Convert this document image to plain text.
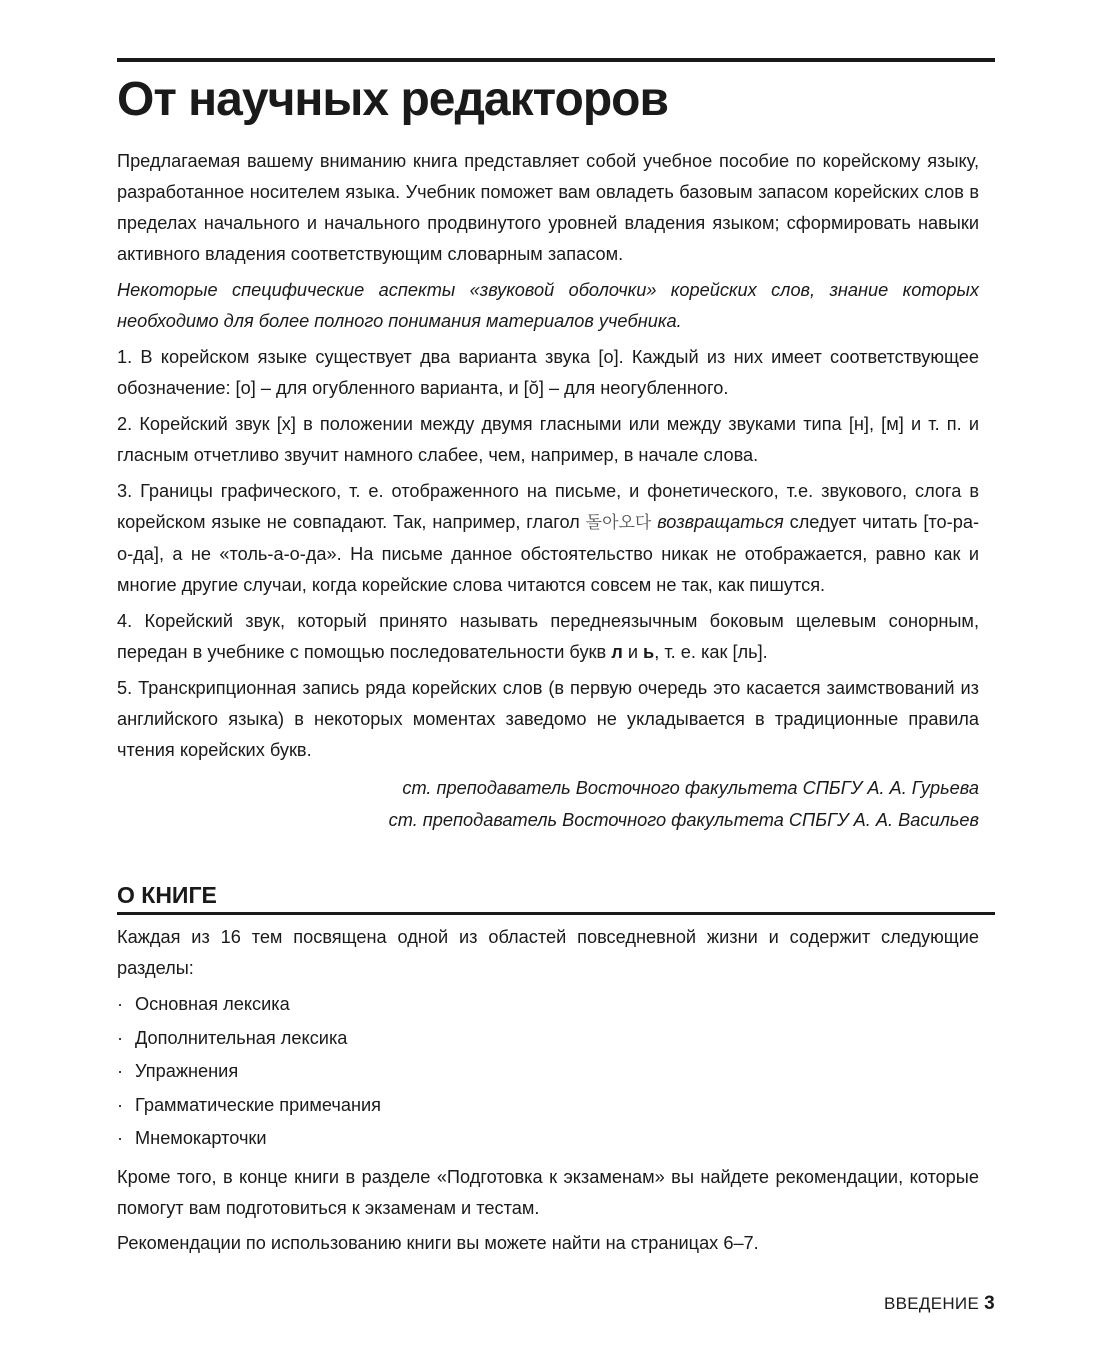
От научных редакторов

Предлагаемая вашему вниманию книга представляет собой учебное пособие по корейскому языку, разработанное носителем языка. Учебник поможет вам овладеть базовым запасом корейских слов в пределах начального и начального продвинутого уровней владения языком; сформировать навыки активного владения соответствующим словарным запасом.

Некоторые специфические аспекты «звуковой оболочки» корейских слов, знание которых необходимо для более полного понимания материалов учебника.

1. В корейском языке существует два варианта звука [о]. Каждый из них имеет соответствующее обозначение: [о] – для огубленного варианта, и [ŏ] – для неогубленного.

2. Корейский звук [х] в положении между двумя гласными или между звуками типа [н], [м] и т. п. и гласным отчетливо звучит намного слабее, чем, например, в начале слова.

3. Границы графического, т. е. отображенного на письме, и фонетического, т.е. звукового, слога в корейском языке не совпадают. Так, например, глагол 돌아오다 возвращаться следует читать [то-ра-о-да], а не «толь-а-о-да». На письме данное обстоятельство никак не отображается, равно как и многие другие случаи, когда корейские слова читаются совсем не так, как пишутся.

4. Корейский звук, который принято называть переднеязычным боковым щелевым сонорным, передан в учебнике с помощью последовательности букв л и ь, т. е. как [ль].

5. Транскрипционная запись ряда корейских слов (в первую очередь это касается заимствований из английского языка) в некоторых моментах заведомо не укладывается в традиционные правила чтения корейских букв.

ст. преподаватель Восточного факультета СПБГУ А. А. Гурьева
ст. преподаватель Восточного факультета СПБГУ А. А. Васильев
О КНИГЕ

Каждая из 16 тем посвящена одной из областей повседневной жизни и содержит следующие разделы:

· Основная лексика
· Дополнительная лексика
· Упражнения
· Грамматические примечания
· Мнемокарточки

Кроме того, в конце книги в разделе «Подготовка к экзаменам» вы найдете рекомендации, которые помогут вам подготовиться к экзаменам и тестам.

Рекомендации по использованию книги вы можете найти на страницах 6–7.

ВВЕДЕНИЕ 3
